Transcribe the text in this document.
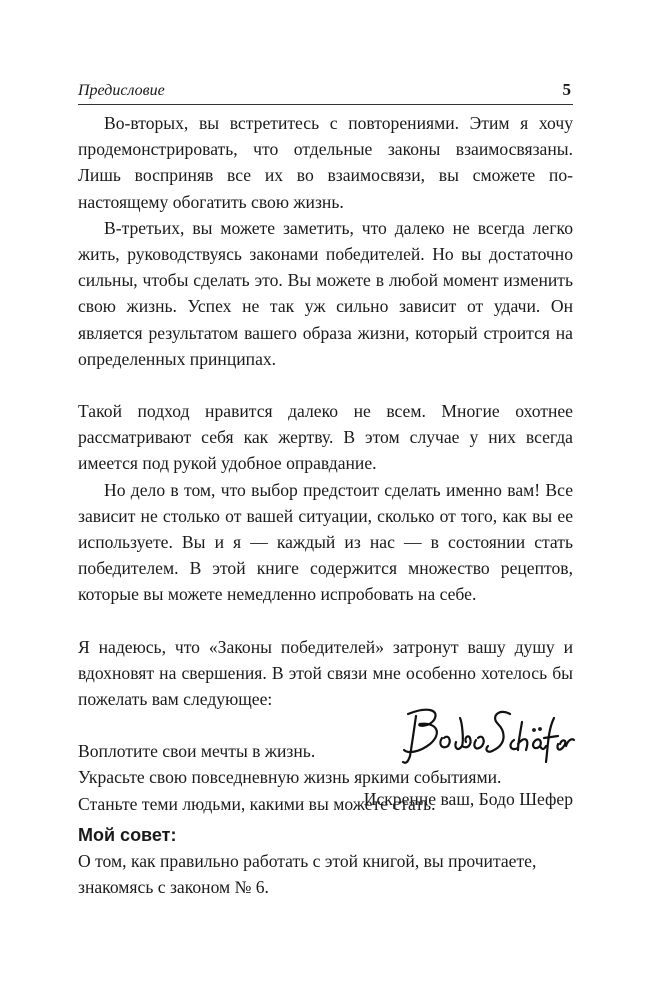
Предисловие	5

Во-вторых, вы встретитесь с повторениями. Этим я хочу продемонстрировать, что отдельные законы взаимосвязаны. Лишь восприняв все их во взаимосвязи, вы сможете по-настоящему обогатить свою жизнь.

В-третьих, вы можете заметить, что далеко не всегда легко жить, руководствуясь законами победителей. Но вы достаточно сильны, чтобы сделать это. Вы можете в любой момент изменить свою жизнь. Успех не так уж сильно зависит от удачи. Он является результатом вашего образа жизни, который строится на определенных принципах.

Такой подход нравится далеко не всем. Многие охотнее рассматривают себя как жертву. В этом случае у них всегда имеется под рукой удобное оправдание.

Но дело в том, что выбор предстоит сделать именно вам! Все зависит не столько от вашей ситуации, сколько от того, как вы ее используете. Вы и я — каждый из нас — в состоянии стать победителем. В этой книге содержится множество рецептов, которые вы можете немедленно испробовать на себе.

Я надеюсь, что «Законы победителей» затронут вашу душу и вдохновят на свершения. В этой связи мне особенно хотелось бы пожелать вам следующее:

Воплотите свои мечты в жизнь.

Украсьте свою повседневную жизнь яркими событиями.

Станьте теми людьми, какими вы можете стать.

Искренне ваш, Бодо Шефер
Мой совет:
О том, как правильно работать с этой книгой, вы прочитаете, знакомясь с законом № 6.
